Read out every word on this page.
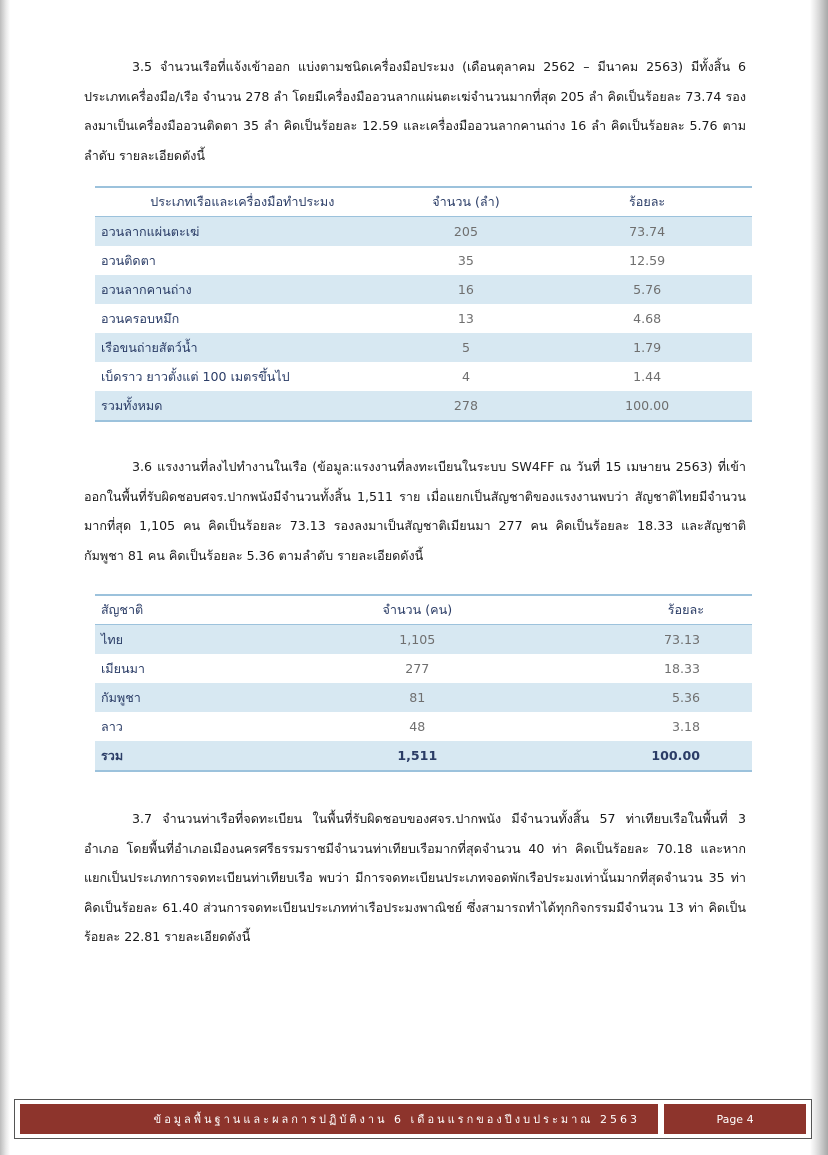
3.5 จำนวนเรือที่แจ้งเข้าออก แบ่งตามชนิดเครื่องมือประมง (เดือนตุลาคม 2562 – มีนาคม 2563) มีทั้งสิ้น 6 ประเภทเครื่องมือ/เรือ จำนวน 278 ลำ โดยมีเครื่องมืออวนลากแผ่นตะเฆ่จำนวนมากที่สุด 205 ลำ คิดเป็นร้อยละ 73.74 รองลงมาเป็นเครื่องมืออวนติดตา 35 ลำ คิดเป็นร้อยละ 12.59 และเครื่องมืออวนลากคานถ่าง 16 ลำ คิดเป็นร้อยละ 5.76 ตามลำดับ รายละเอียดดังนี้

ประเภทเรือและเครื่องมือทำประมง	จำนวน (ลำ)	ร้อยละ
อวนลากแผ่นตะเฆ่	205	73.74
อวนติดตา	35	12.59
อวนลากคานถ่าง	16	5.76
อวนครอบหมึก	13	4.68
เรือขนถ่ายสัตว์น้ำ	5	1.79
เบ็ดราว ยาวตั้งแต่ 100 เมตรขึ้นไป	4	1.44
รวมทั้งหมด	278	100.00

3.6 แรงงานที่ลงไปทำงานในเรือ (ข้อมูล:แรงงานที่ลงทะเบียนในระบบ SW4FF ณ วันที่ 15 เมษายน 2563) ที่เข้าออกในพื้นที่รับผิดชอบศจร.ปากพนังมีจำนวนทั้งสิ้น 1,511 ราย เมื่อแยกเป็นสัญชาติของแรงงานพบว่า สัญชาติไทยมีจำนวนมากที่สุด 1,105 คน คิดเป็นร้อยละ 73.13 รองลงมาเป็นสัญชาติเมียนมา 277 คน คิดเป็นร้อยละ 18.33 และสัญชาติกัมพูชา 81 คน คิดเป็นร้อยละ 5.36 ตามลำดับ รายละเอียดดังนี้

สัญชาติ	จำนวน (คน)	ร้อยละ
ไทย	1,105	73.13
เมียนมา	277	18.33
กัมพูชา	81	5.36
ลาว	48	3.18
รวม	1,511	100.00

3.7 จำนวนท่าเรือที่จดทะเบียน ในพื้นที่รับผิดชอบของศจร.ปากพนัง มีจำนวนทั้งสิ้น 57 ท่าเทียบเรือในพื้นที่ 3 อำเภอ โดยพื้นที่อำเภอเมืองนครศรีธรรมราชมีจำนวนท่าเทียบเรือมากที่สุดจำนวน 40 ท่า คิดเป็นร้อยละ 70.18 และหากแยกเป็นประเภทการจดทะเบียนท่าเทียบเรือ พบว่า มีการจดทะเบียนประเภทจอดพักเรือประมงเท่านั้นมากที่สุดจำนวน 35 ท่า คิดเป็นร้อยละ 61.40 ส่วนการจดทะเบียนประเภทท่าเรือประมงพาณิชย์ ซึ่งสามารถทำได้ทุกกิจกรรมมีจำนวน 13 ท่า คิดเป็นร้อยละ 22.81 รายละเอียดดังนี้

ข้อมูลพื้นฐานและผลการปฏิบัติงาน 6 เดือนแรกของปีงบประมาณ 2563	Page 4
